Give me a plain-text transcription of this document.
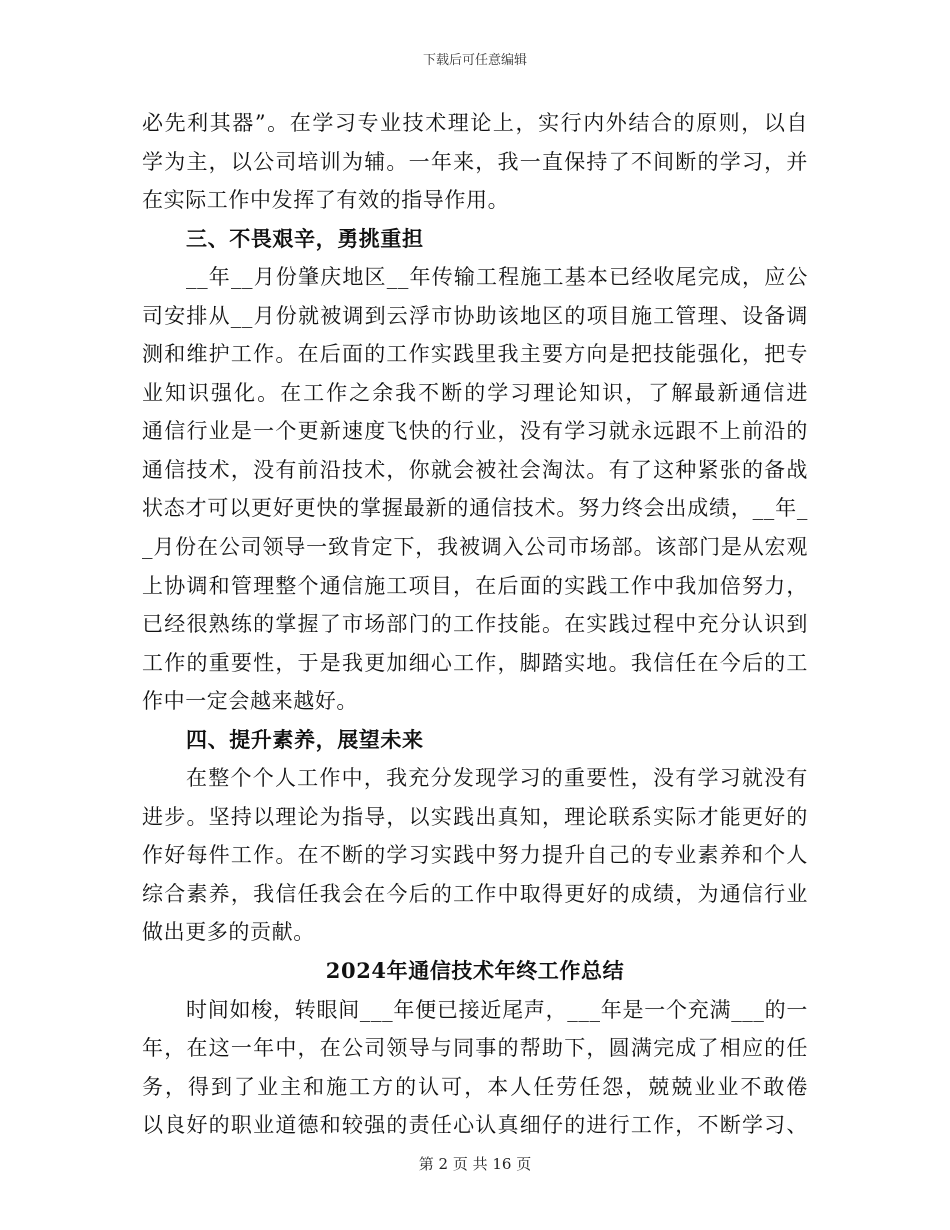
下载后可任意编辑
必先利其器”。在学习专业技术理论上，实行内外结合的原则，以自
学为主，以公司培训为辅。一年来，我一直保持了不间断的学习，并
在实际工作中发挥了有效的指导作用。
三、不畏艰辛，勇挑重担
__年__月份肇庆地区__年传输工程施工基本已经收尾完成，应公
司安排从__月份就被调到云浮市协助该地区的项目施工管理、设备调
测和维护工作。在后面的工作实践里我主要方向是把技能强化，把专
业知识强化。在工作之余我不断的学习理论知识，了解最新通信进
通信行业是一个更新速度飞快的行业，没有学习就永远跟不上前沿的
通信技术，没有前沿技术，你就会被社会淘汰。有了这种紧张的备战
状态才可以更好更快的掌握最新的通信技术。努力终会出成绩，__年_
_月份在公司领导一致肯定下，我被调入公司市场部。该部门是从宏观
上协调和管理整个通信施工项目，在后面的实践工作中我加倍努力，
已经很熟练的掌握了市场部门的工作技能。在实践过程中充分认识到
工作的重要性，于是我更加细心工作，脚踏实地。我信任在今后的工
作中一定会越来越好。
四、提升素养，展望未来
在整个个人工作中，我充分发现学习的重要性，没有学习就没有
进步。坚持以理论为指导，以实践出真知，理论联系实际才能更好的
作好每件工作。在不断的学习实践中努力提升自己的专业素养和个人
综合素养，我信任我会在今后的工作中取得更好的成绩，为通信行业
做出更多的贡献。
2024年通信技术年终工作总结
时间如梭，转眼间___年便已接近尾声，___年是一个充满___的一
年，在这一年中，在公司领导与同事的帮助下，圆满完成了相应的任
务，得到了业主和施工方的认可，本人任劳任怨，兢兢业业不敢倦
以良好的职业道德和较强的责任心认真细仔的进行工作，不断学习、
第 2 页 共 16 页
